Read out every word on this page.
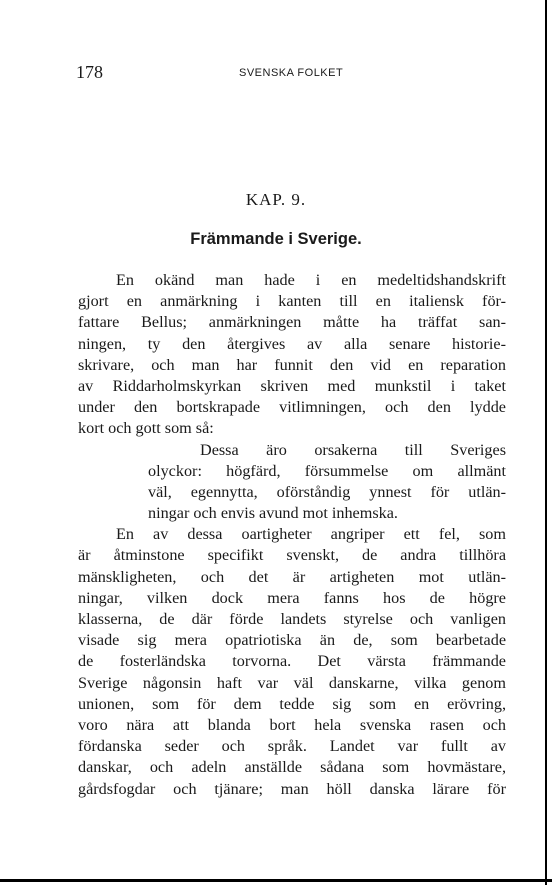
178	SVENSKA FOLKET
KAP. 9.
Främmande i Sverige.
En okänd man hade i en medeltidshandskrift
gjort en anmärkning i kanten till en italiensk för-
fattare Bellus; anmärkningen måtte ha träffat san-
ningen, ty den återgives av alla senare historie-
skrivare, och man har funnit den vid en reparation
av Riddarholmskyrkan skriven med munkstil i taket
under den bortskrapade vitlimningen, och den lydde
kort och gott som så:
Dessa äro orsakerna till Sveriges
olyckor: högfärd, försummelse om allmänt
väl, egennytta, oförståndig ynnest för utlän-
ningar och envis avund mot inhemska.
En av dessa oartigheter angriper ett fel, som
är åtminstone specifikt svenskt, de andra tillhöra
mänskligheten, och det är artigheten mot utlän-
ningar, vilken dock mera fanns hos de högre
klasserna, de där förde landets styrelse och vanligen
visade sig mera opatriotiska än de, som bearbetade
de fosterländska torvorna. Det värsta främmande
Sverige någonsin haft var väl danskarne, vilka genom
unionen, som för dem tedde sig som en erövring,
voro nära att blanda bort hela svenska rasen och
fördanska seder och språk. Landet var fullt av
danskar, och adeln anställde sådana som hovmästare,
gårdsfogdar och tjänare; man höll danska lärare för
